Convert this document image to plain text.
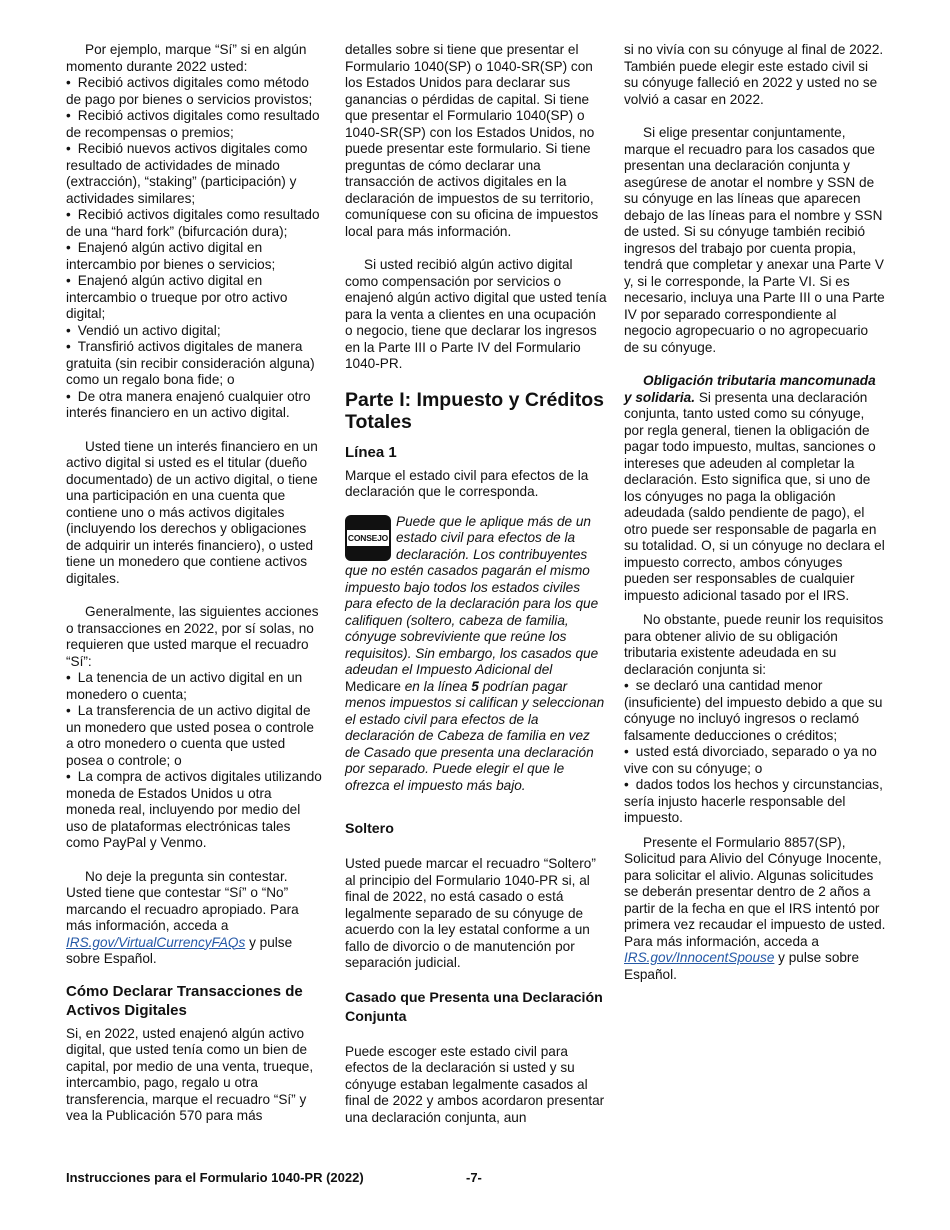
Por ejemplo, marque “Sí” si en algún momento durante 2022 usted:

• Recibió activos digitales como método de pago por bienes o servicios provistos;

• Recibió activos digitales como resultado de recompensas o premios;

• Recibió nuevos activos digitales como resultado de actividades de minado (extracción), “staking” (participación) y actividades similares;

• Recibió activos digitales como resultado de una “hard fork” (bifurcación dura);

• Enajenó algún activo digital en intercambio por bienes o servicios;

• Enajenó algún activo digital en intercambio o trueque por otro activo digital;

• Vendió un activo digital;

• Transfirió activos digitales de manera gratuita (sin recibir consideración alguna) como un regalo bona fide; o

• De otra manera enajenó cualquier otro interés financiero en un activo digital.

Usted tiene un interés financiero en un activo digital si usted es el titular (dueño documentado) de un activo digital, o tiene una participación en una cuenta que contiene uno o más activos digitales (incluyendo los derechos y obligaciones de adquirir un interés financiero), o usted tiene un monedero que contiene activos digitales.

Generalmente, las siguientes acciones o transacciones en 2022, por sí solas, no requieren que usted marque el recuadro “Sí”:

• La tenencia de un activo digital en un monedero o cuenta;

• La transferencia de un activo digital de un monedero que usted posea o controle a otro monedero o cuenta que usted posea o controle; o

• La compra de activos digitales utilizando moneda de Estados Unidos u otra moneda real, incluyendo por medio del uso de plataformas electrónicas tales como PayPal y Venmo.

No deje la pregunta sin contestar. Usted tiene que contestar “Sí” o “No” marcando el recuadro apropiado. Para más información, acceda a IRS.gov/VirtualCurrencyFAQs y pulse sobre Español.

Cómo Declarar Transacciones de Activos Digitales

Si, en 2022, usted enajenó algún activo digital, que usted tenía como un bien de capital, por medio de una venta, trueque, intercambio, pago, regalo u otra transferencia, marque el recuadro “Sí” y vea la Publicación 570 para más

detalles sobre si tiene que presentar el Formulario 1040(SP) o 1040-SR(SP) con los Estados Unidos para declarar sus ganancias o pérdidas de capital. Si tiene que presentar el Formulario 1040(SP) o 1040-SR(SP) con los Estados Unidos, no puede presentar este formulario. Si tiene preguntas de cómo declarar una transacción de activos digitales en la declaración de impuestos de su territorio, comuníquese con su oficina de impuestos local para más información.

Si usted recibió algún activo digital como compensación por servicios o enajenó algún activo digital que usted tenía para la venta a clientes en una ocupación o negocio, tiene que declarar los ingresos en la Parte III o Parte IV del Formulario 1040-PR.

Parte I: Impuesto y Créditos Totales
Línea 1

Marque el estado civil para efectos de la declaración que le corresponda.

CONSEJO
Puede que le aplique más de un estado civil para efectos de la declaración. Los contribuyentes que no estén casados pagarán el mismo impuesto bajo todos los estados civiles para efecto de la declaración para los que califiquen (soltero, cabeza de familia, cónyuge sobreviviente que reúne los requisitos). Sin embargo, los casados que adeudan el Impuesto Adicional del Medicare en la línea 5 podrían pagar menos impuestos si califican y seleccionan el estado civil para efectos de la declaración de Cabeza de familia en vez de Casado que presenta una declaración por separado. Puede elegir el que le ofrezca el impuesto más bajo.

Soltero

Usted puede marcar el recuadro “Soltero” al principio del Formulario 1040-PR si, al final de 2022, no está casado o está legalmente separado de su cónyuge de acuerdo con la ley estatal conforme a un fallo de divorcio o de manutención por separación judicial.

Casado que Presenta una Declaración Conjunta

Puede escoger este estado civil para efectos de la declaración si usted y su cónyuge estaban legalmente casados al final de 2022 y ambos acordaron presentar una declaración conjunta, aun

si no vivía con su cónyuge al final de 2022. También puede elegir este estado civil si su cónyuge falleció en 2022 y usted no se volvió a casar en 2022.

Si elige presentar conjuntamente, marque el recuadro para los casados que presentan una declaración conjunta y asegúrese de anotar el nombre y SSN de su cónyuge en las líneas que aparecen debajo de las líneas para el nombre y SSN de usted. Si su cónyuge también recibió ingresos del trabajo por cuenta propia, tendrá que completar y anexar una Parte V y, si le corresponde, la Parte VI. Si es necesario, incluya una Parte III o una Parte IV por separado correspondiente al negocio agropecuario o no agropecuario de su cónyuge.

Obligación tributaria mancomunada y solidaria. Si presenta una declaración conjunta, tanto usted como su cónyuge, por regla general, tienen la obligación de pagar todo impuesto, multas, sanciones o intereses que adeuden al completar la declaración. Esto significa que, si uno de los cónyuges no paga la obligación adeudada (saldo pendiente de pago), el otro puede ser responsable de pagarla en su totalidad. O, si un cónyuge no declara el impuesto correcto, ambos cónyuges pueden ser responsables de cualquier impuesto adicional tasado por el IRS.

No obstante, puede reunir los requisitos para obtener alivio de su obligación tributaria existente adeudada en su declaración conjunta si:

• se declaró una cantidad menor (insuficiente) del impuesto debido a que su cónyuge no incluyó ingresos o reclamó falsamente deducciones o créditos;

• usted está divorciado, separado o ya no vive con su cónyuge; o

• dados todos los hechos y circunstancias, sería injusto hacerle responsable del impuesto.

Presente el Formulario 8857(SP), Solicitud para Alivio del Cónyuge Inocente, para solicitar el alivio. Algunas solicitudes se deberán presentar dentro de 2 años a partir de la fecha en que el IRS intentó por primera vez recaudar el impuesto de usted. Para más información, acceda a IRS.gov/InnocentSpouse y pulse sobre Español.

Instrucciones para el Formulario 1040-PR (2022)	-7-
